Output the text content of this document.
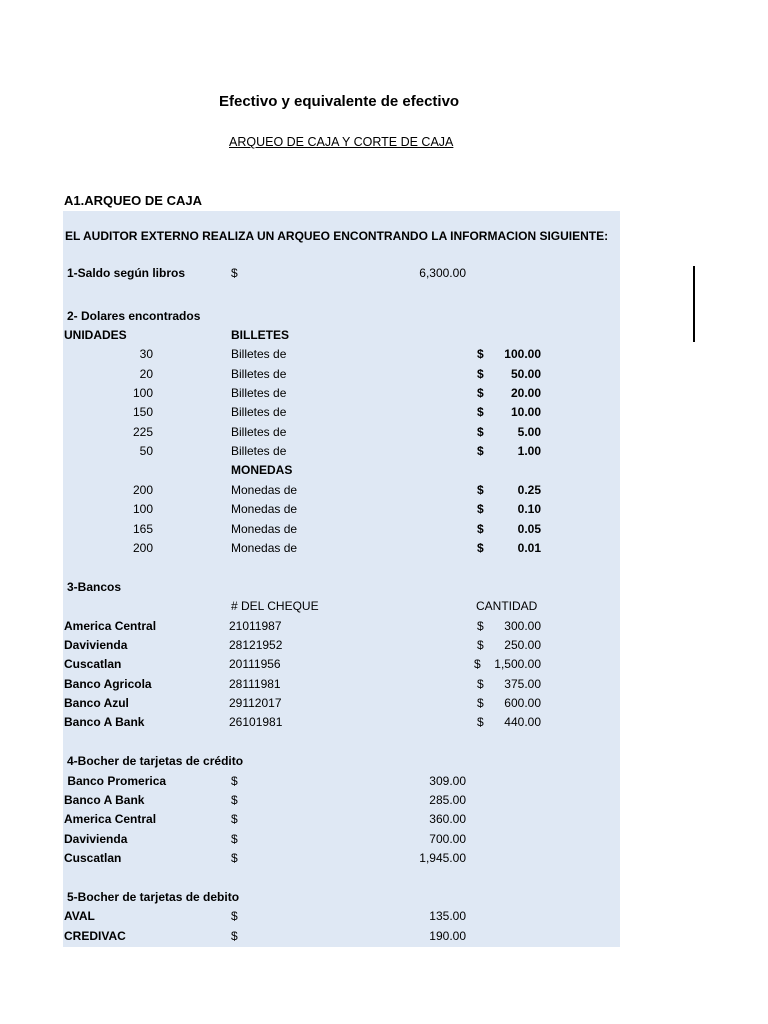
Efectivo y equivalente de efectivo
ARQUEO DE CAJA Y CORTE DE CAJA
A1.ARQUEO DE CAJA
EL AUDITOR EXTERNO REALIZA UN ARQUEO ENCONTRANDO LA INFORMACION SIGUIENTE:
1-Saldo según libros	$	6,300.00
2- Dolares encontrados
UNIDADES	BILLETES
30	Billetes de	$ 100.00
20	Billetes de	$ 50.00
100	Billetes de	$ 20.00
150	Billetes de	$ 10.00
225	Billetes de	$	5.00
50	Billetes de	$	1.00
MONEDAS
200	Monedas de	$	0.25
100	Monedas de	$	0.10
165	Monedas de	$	0.05
200	Monedas de	$	0.01
3-Bancos
# DEL CHEQUE	CANTIDAD
America Central	21011987	$ 300.00
Davivienda	28121952	$ 250.00
Cuscatlan	20111956	$ 1,500.00
Banco Agricola	28111981	$ 375.00
Banco Azul	29112017	$ 600.00
Banco A Bank	26101981	$ 440.00
4-Bocher de tarjetas de crédito
Banco Promerica	$	309.00
Banco A Bank	$	285.00
America Central	$	360.00
Davivienda	$	700.00
Cuscatlan	$	1,945.00
5-Bocher de tarjetas de debito
AVAL	$	135.00
CREDIVAC	$	190.00
